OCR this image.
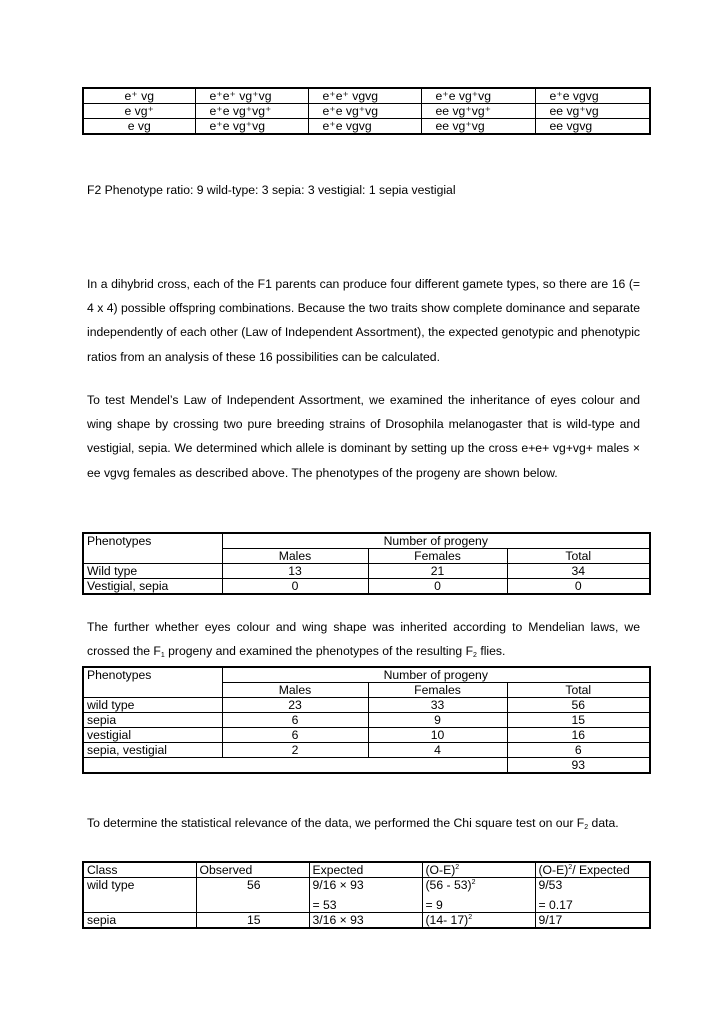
e⁺ vg	e⁺e⁺ vg⁺vg	e⁺e⁺ vgvg	e⁺e vg⁺vg	e⁺e vgvg
e vg⁺	e⁺e vg⁺vg⁺	e⁺e vg⁺vg	ee vg⁺vg⁺	ee vg⁺vg
e vg	e⁺e vg⁺vg	e⁺e vgvg	ee vg⁺vg	ee vgvg
F2 Phenotype ratio: 9 wild-type: 3 sepia: 3 vestigial: 1 sepia vestigial

In a dihybrid cross, each of the F1 parents can produce four different gamete types, so there are 16 (= 4 x 4) possible offspring combinations. Because the two traits show complete dominance and separate independently of each other (Law of Independent Assortment), the expected genotypic and phenotypic ratios from an analysis of these 16 possibilities can be calculated.

To test Mendel’s Law of Independent Assortment, we examined the inheritance of eyes colour and wing shape by crossing two pure breeding strains of Drosophila melanogaster that is wild-type and vestigial, sepia. We determined which allele is dominant by setting up the cross e+e+ vg+vg+ males × ee vgvg females as described above. The phenotypes of the progeny are shown below.

Phenotypes	Number of progeny		
	Males	Females	Total
Wild type	13	21	34
Vestigial, sepia	0	0	0

The further whether eyes colour and wing shape was inherited according to Mendelian laws, we crossed the $F_1$ progeny and examined the phenotypes of the resulting $F_2$ flies.

Phenotypes	Number of progeny		
	Males	Females	Total
wild type	23	33	56
sepia	6	9	15
vestigial	6	10	16
sepia, vestigial	2	4	6
			93

To determine the statistical relevance of the data, we performed the Chi square test on our $F_2$ data.

Class	Observed	Expected	$(O-E)^2$	$(O-E)^2/$ Expected
wild type	56	9/16 × 93	(56 - 53)$^2$	9/53
		= 53	= 9	= 0.17
sepia	15	3/16 × 93	(14- 17)$^2$	9/17
